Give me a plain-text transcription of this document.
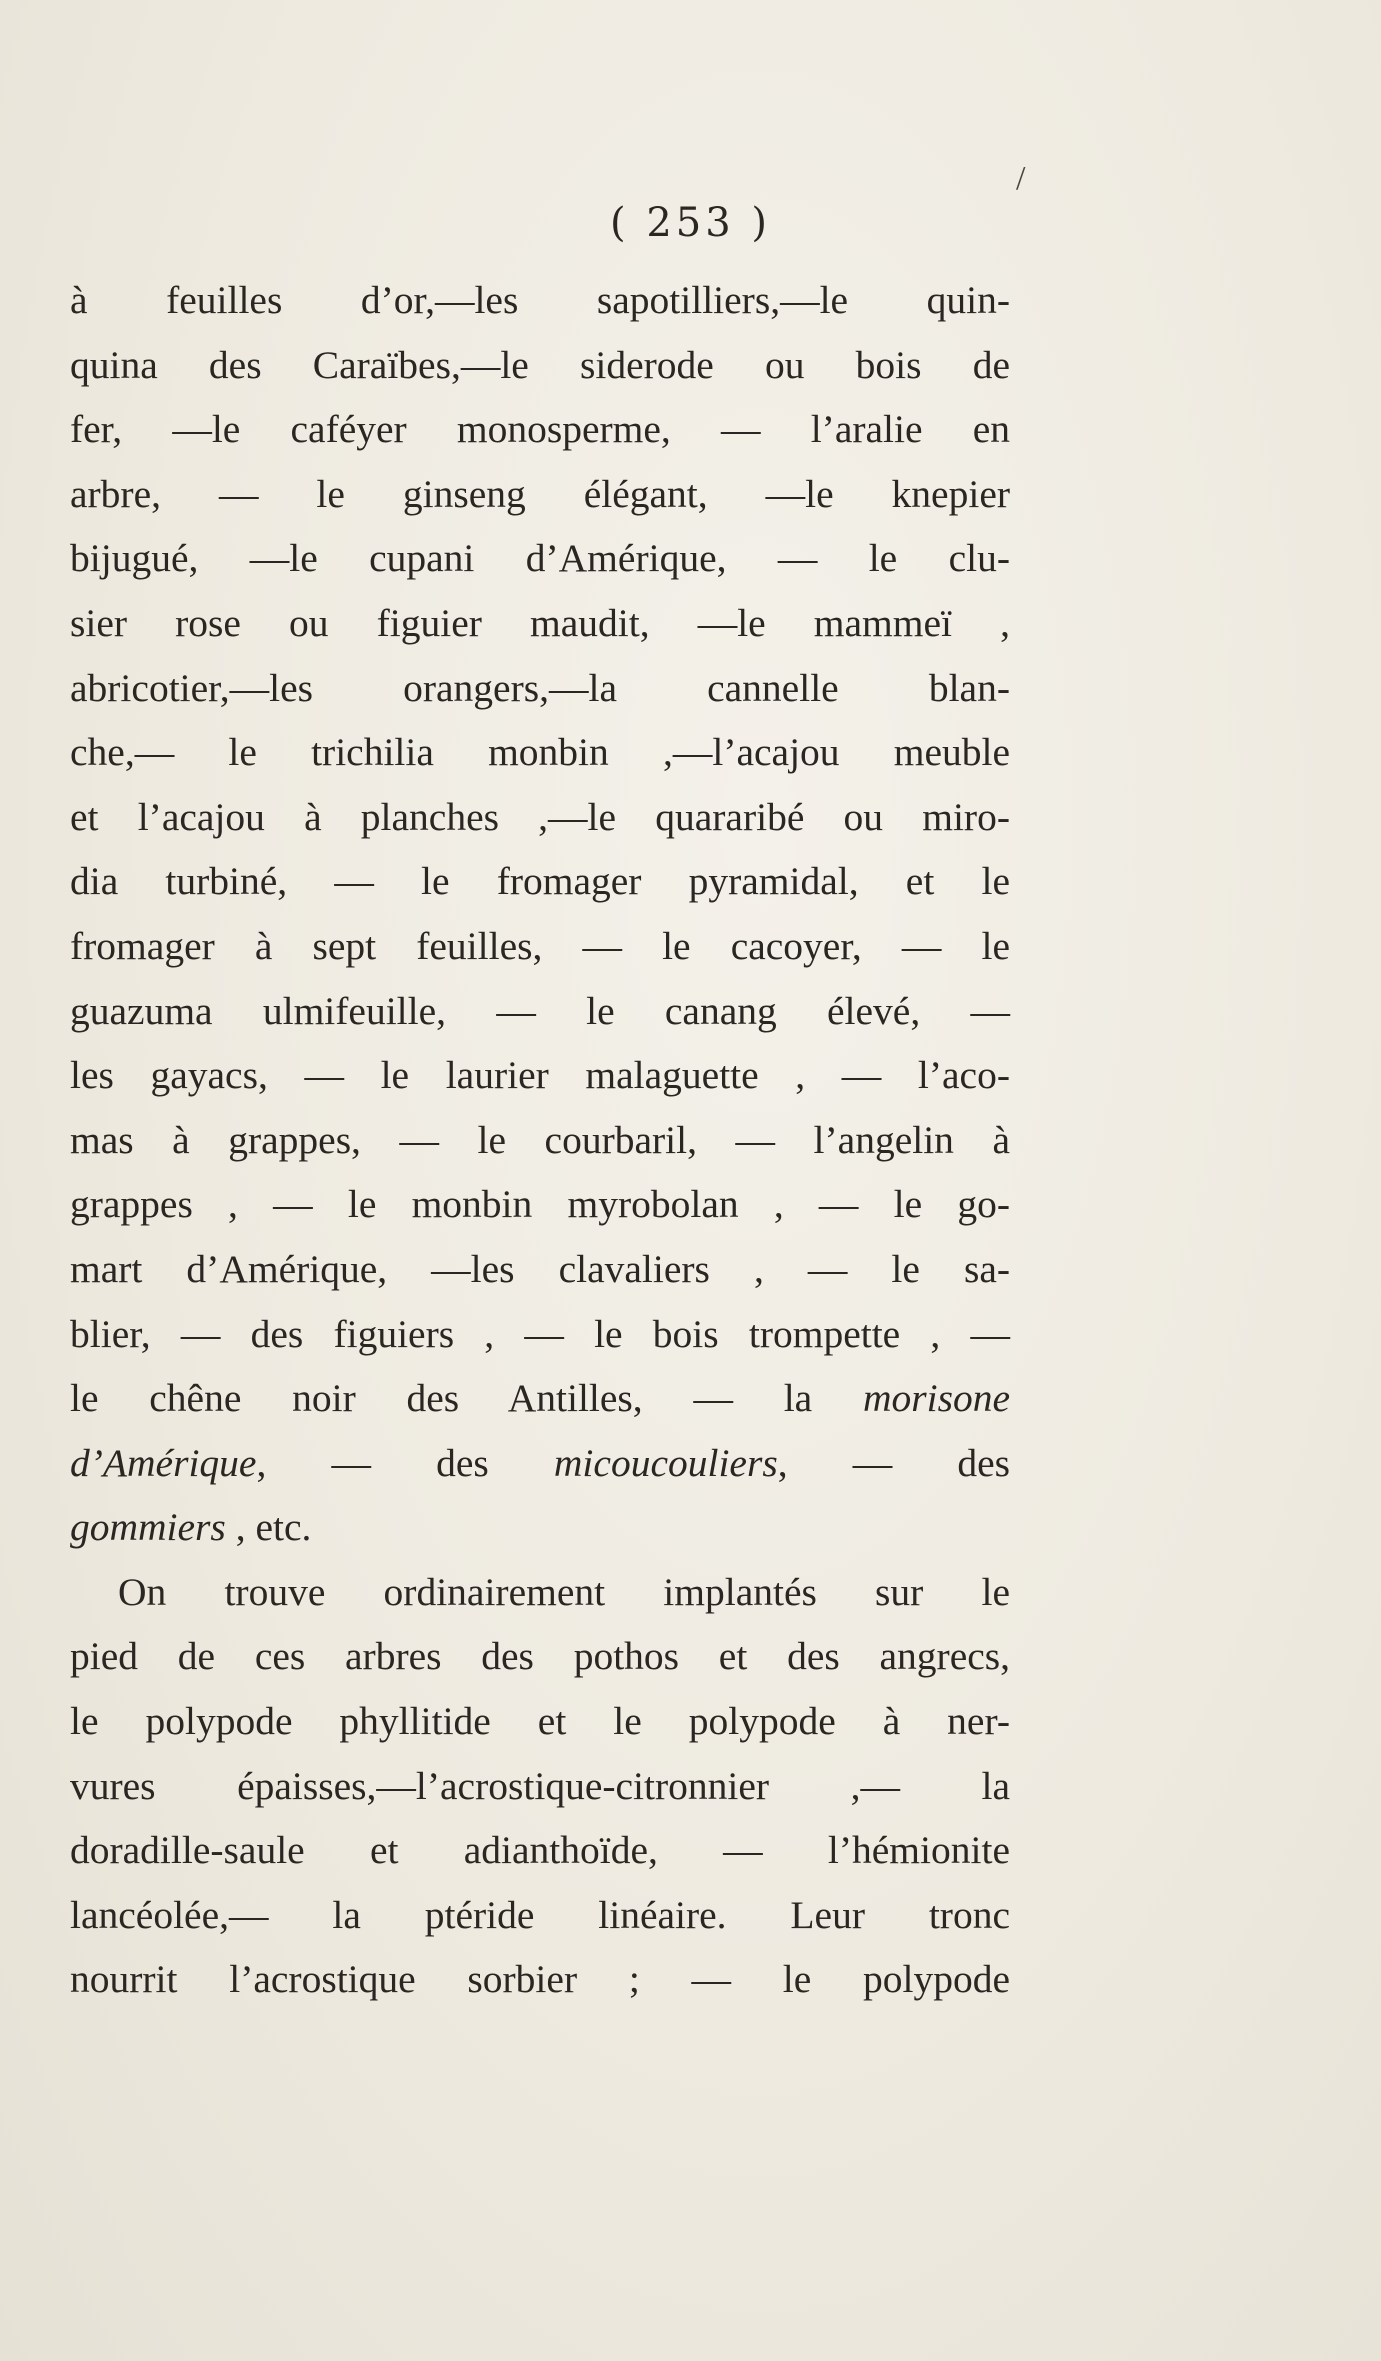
/
( 253 )
à feuilles d’or,—les sapotilliers,—le quin-
quina des Caraïbes,—le siderode ou bois de
fer, —le caféyer monosperme, — l’aralie en
arbre, — le ginseng élégant, —le knepier
bijugué, —le cupani d’Amérique, — le clu-
sier rose ou figuier maudit, —le mammeï ,
abricotier,—les orangers,—la cannelle blan-
che,— le trichilia monbin ,—l’acajou meuble
et l’acajou à planches ,—le quararibé ou miro-
dia turbiné, — le fromager pyramidal, et le
fromager à sept feuilles, — le cacoyer, — le
guazuma ulmifeuille, — le canang élevé, —
les gayacs, — le laurier malaguette , — l’aco-
mas à grappes, — le courbaril, — l’angelin à
grappes , — le monbin myrobolan , — le go-
mart d’Amérique, —les clavaliers , — le sa-
blier, — des figuiers , — le bois trompette , —
le chêne noir des Antilles, — la morisone
d’Amérique, — des micoucouliers, — des
gommiers , etc.
On trouve ordinairement implantés sur le
pied de ces arbres des pothos et des angrecs,
le polypode phyllitide et le polypode à ner-
vures épaisses,—l’acrostique-citronnier ,— la
doradille-saule et adianthoïde, — l’hémionite
lancéolée,— la ptéride linéaire. Leur tronc
nourrit l’acrostique sorbier ; — le polypode
